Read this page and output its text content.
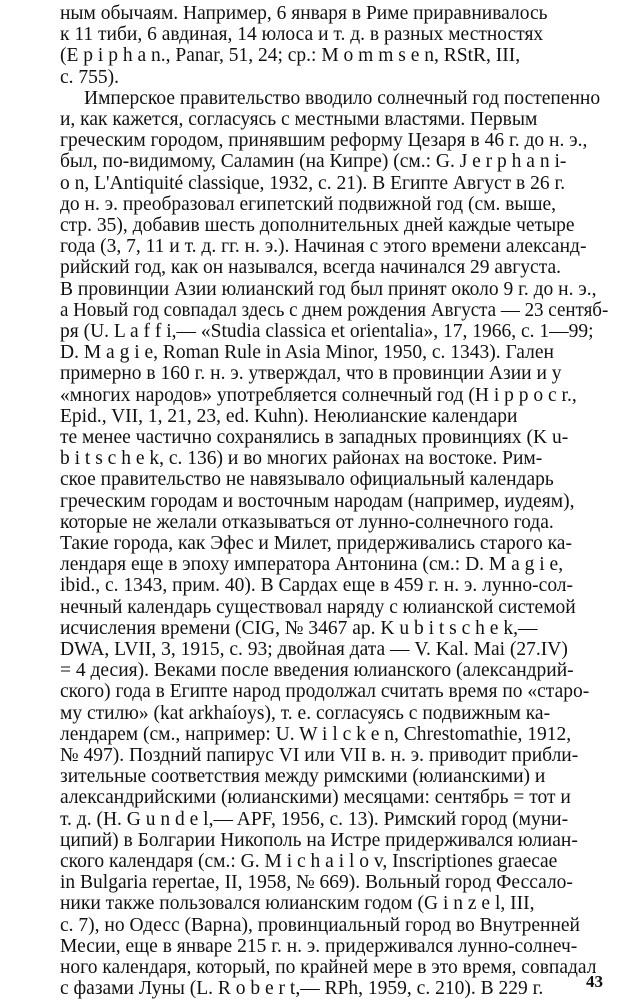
ным обычаям. Например, 6 января в Риме приравнивалось
к 11 тиби, 6 авдиная, 14 юлоса и т. д. в разных местностях
(E p i p h a n., Panar, 51, 24; ср.: M o m m s e n, RStR, III,
с. 755).
Имперское правительство вводило солнечный год постепенно
и, как кажется, согласуясь с местными властями. Первым
греческим городом, принявшим реформу Цезаря в 46 г. до н. э.,
был, по-видимому, Саламин (на Кипре) (см.: G. J e r p h a n i-
o n, L'Antiquité classique, 1932, с. 21). В Египте Август в 26 г.
до н. э. преобразовал египетский подвижной год (см. выше,
стр. 35), добавив шесть дополнительных дней каждые четыре
года (3, 7, 11 и т. д. гг. н. э.). Начиная с этого времени александ-
рийский год, как он назывался, всегда начинался 29 августа.
В провинции Азии юлианский год был принят около 9 г. до н. э.,
а Новый год совпадал здесь с днем рождения Августа — 23 сентяб-
ря (U. L a f f i,— «Studia classica et orientalia», 17, 1966, с. 1—99;
D. M a g i e, Roman Rule in Asia Minor, 1950, с. 1343). Гален
примерно в 160 г. н. э. утверждал, что в провинции Азии и у
«многих народов» употребляется солнечный год (H i p p o c r.,
Epid., VII, 1, 21, 23, ed. Kuhn). Неюлианские календари
те менее частично сохранялись в западных провинциях (K u-
b i t s c h e k, с. 136) и во многих районах на востоке. Рим-
ское правительство не навязывало официальный календарь
греческим городам и восточным народам (например, иудеям),
которые не желали отказываться от лунно-солнечного года.
Такие города, как Эфес и Милет, придерживались старого ка-
лендаря еще в эпоху императора Антонина (см.: D. M a g i e,
ibid., с. 1343, прим. 40). В Сардах еще в 459 г. н. э. лунно-сол-
нечный календарь существовал наряду с юлианской системой
исчисления времени (CIG, № 3467 ap. K u b i t s c h e k,—
DWA, LVII, 3, 1915, с. 93; двойная дата — V. Kal. Mai (27.IV)
= 4 десия). Веками после введения юлианского (александрий-
ского) года в Египте народ продолжал считать время по «старо-
му стилю» (kat arkhaíoys), т. е. согласуясь с подвижным ка-
лендарем (см., например: U. W i l c k e n, Chrestomathie, 1912,
№ 497). Поздний папирус VI или VII в. н. э. приводит прибли-
зительные соответствия между римскими (юлианскими) и
александрийскими (юлианскими) месяцами: сентябрь = тот и
т. д. (H. G u n d e l,— APF, 1956, с. 13). Римский город (муни-
ципий) в Болгарии Никополь на Истре придерживался юлиан-
ского календаря (см.: G. M i c h a i l o v, Inscriptiones graecae
in Bulgaria repertae, II, 1958, № 669). Вольный город Фессало-
ники также пользовался юлианским годом (G i n z e l, III,
с. 7), но Одесс (Варна), провинциальный город во Внутренней
Месии, еще в январе 215 г. н. э. придерживался лунно-солнеч-
ного календаря, который, по крайней мере в это время, совпадал
с фазами Луны (L. R o b e r t,— RPh, 1959, с. 210). В 229 г.	43
